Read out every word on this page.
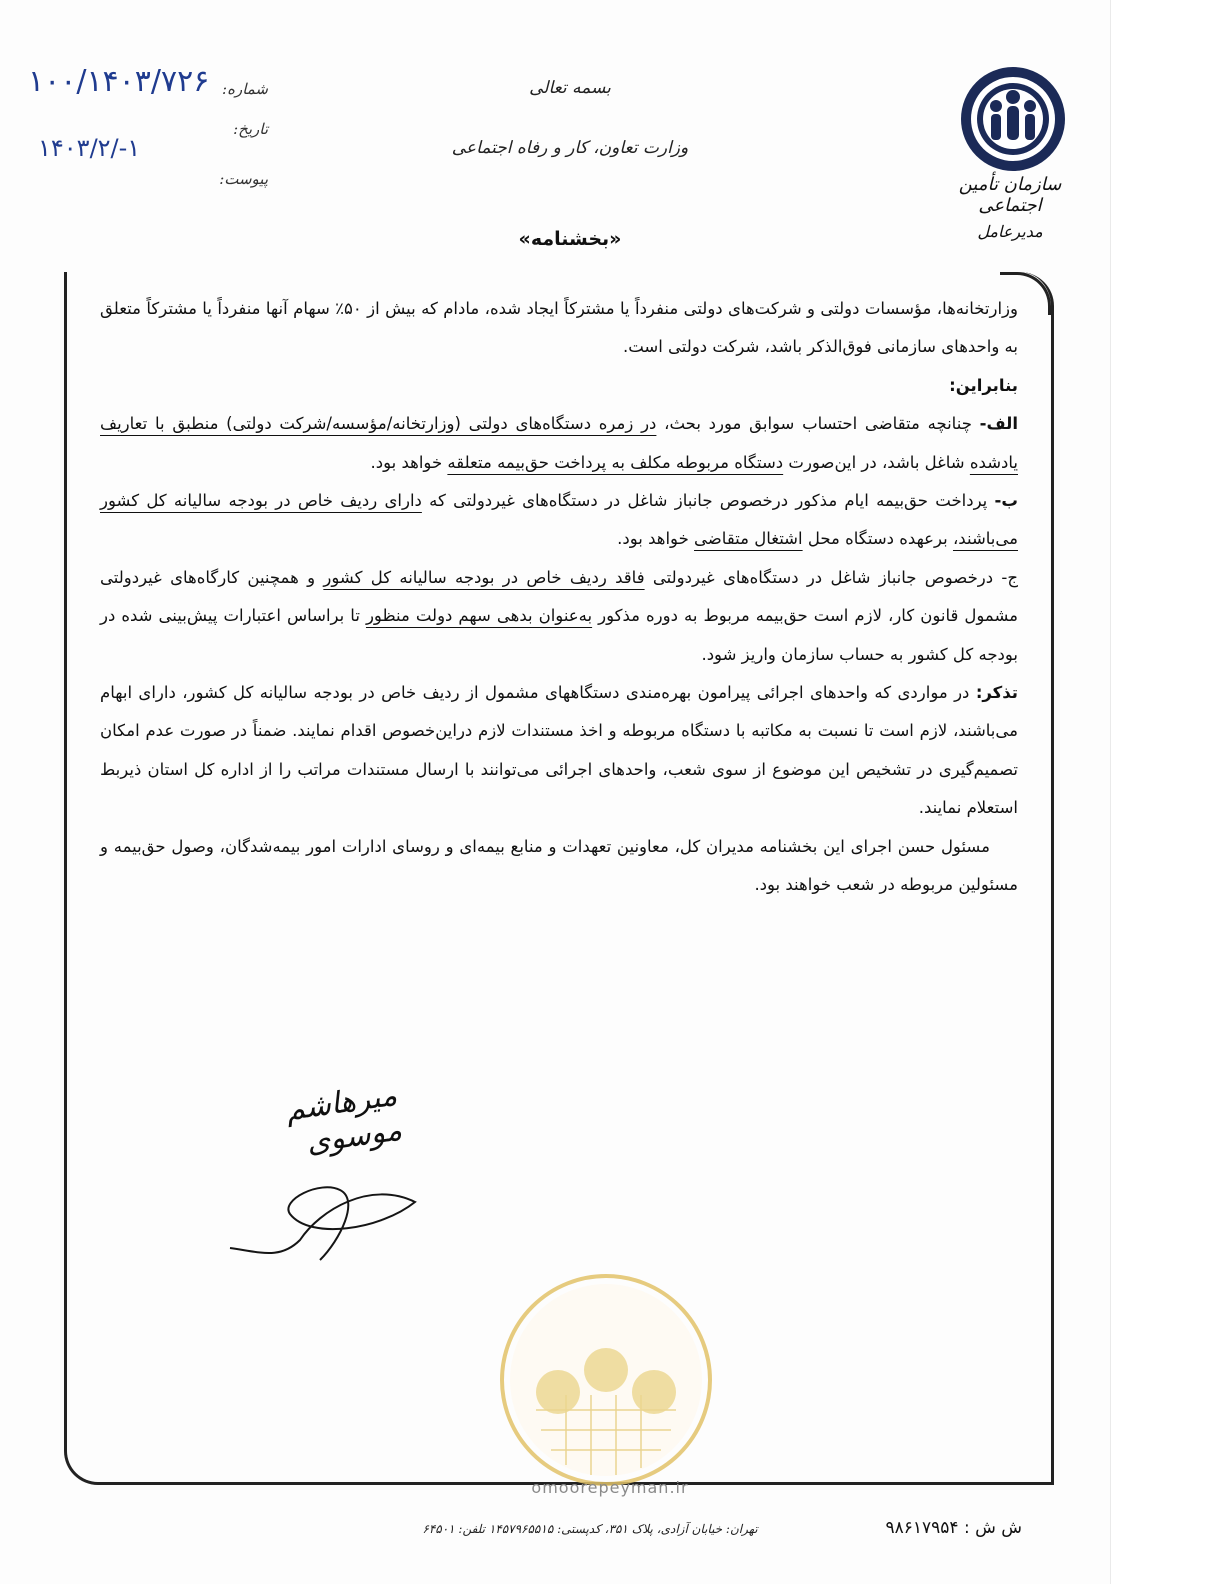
۱۰۰/۱۴۰۳/۷۲۶
۱۴۰۳/۲/-۱
شماره:
تاریخ:
پیوست:
بسمه تعالی
وزارت تعاون، کار و رفاه اجتماعی
«بخشنامه»
سازمان تأمین اجتماعی
مدیرعامل

وزارتخانه‌ها، مؤسسات دولتی و شرکت‌های دولتی منفرداً یا مشترکاً ایجاد شده، مادام که بیش از ۵۰٪ سهام آنها منفرداً یا مشترکاً متعلق به واحدهای سازمانی فوق‌الذکر باشد، شرکت دولتی است.

بنابراین:

الف- چنانچه متقاضی احتساب سوابق مورد بحث، در زمره دستگاه‌های دولتی (وزارتخانه/مؤسسه/شرکت دولتی) منطبق با تعاریف یادشده شاغل باشد، در این‌صورت دستگاه مربوطه مکلف به پرداخت حق‌بیمه متعلقه خواهد بود.

ب- پرداخت حق‌بیمه ایام مذکور درخصوص جانباز شاغل در دستگاه‌های غیردولتی که دارای ردیف خاص در بودجه سالیانه کل کشور می‌باشند، برعهده دستگاه محل اشتغال متقاضی خواهد بود.

ج- درخصوص جانباز شاغل در دستگاه‌های غیردولتی فاقد ردیف خاص در بودجه سالیانه کل کشور و همچنین کارگاه‌های غیردولتی مشمول قانون کار، لازم است حق‌بیمه مربوط به دوره مذکور به‌عنوان بدهی سهم دولت منظور تا براساس اعتبارات پیش‌بینی شده در بودجه کل کشور به حساب سازمان واریز شود.

تذکر: در مواردی که واحدهای اجرائی پیرامون بهره‌مندی دستگاههای مشمول از ردیف خاص در بودجه سالیانه کل کشور، دارای ابهام می‌باشند، لازم است تا نسبت به مکاتبه با دستگاه مربوطه و اخذ مستندات لازم دراین‌خصوص اقدام نمایند. ضمناً در صورت عدم امکان تصمیم‌گیری در تشخیص این موضوع از سوی شعب، واحدهای اجرائی می‌توانند با ارسال مستندات مراتب را از اداره کل استان ذیربط استعلام نمایند.

مسئول حسن اجرای این بخشنامه مدیران کل، معاونین تعهدات و منابع بیمه‌ای و روسای ادارات امور بیمه‌شدگان، وصول حق‌بیمه و مسئولین مربوطه در شعب خواهند بود.

میرهاشم موسوی
omoorepeyman.ir
تهران: خیابان آزادی، پلاک ۳۵۱، کدپستی: ۱۴۵۷۹۶۵۵۱۵ تلفن: ۶۴۵۰۱	ش ش : ۹۸۶۱۷۹۵۴
